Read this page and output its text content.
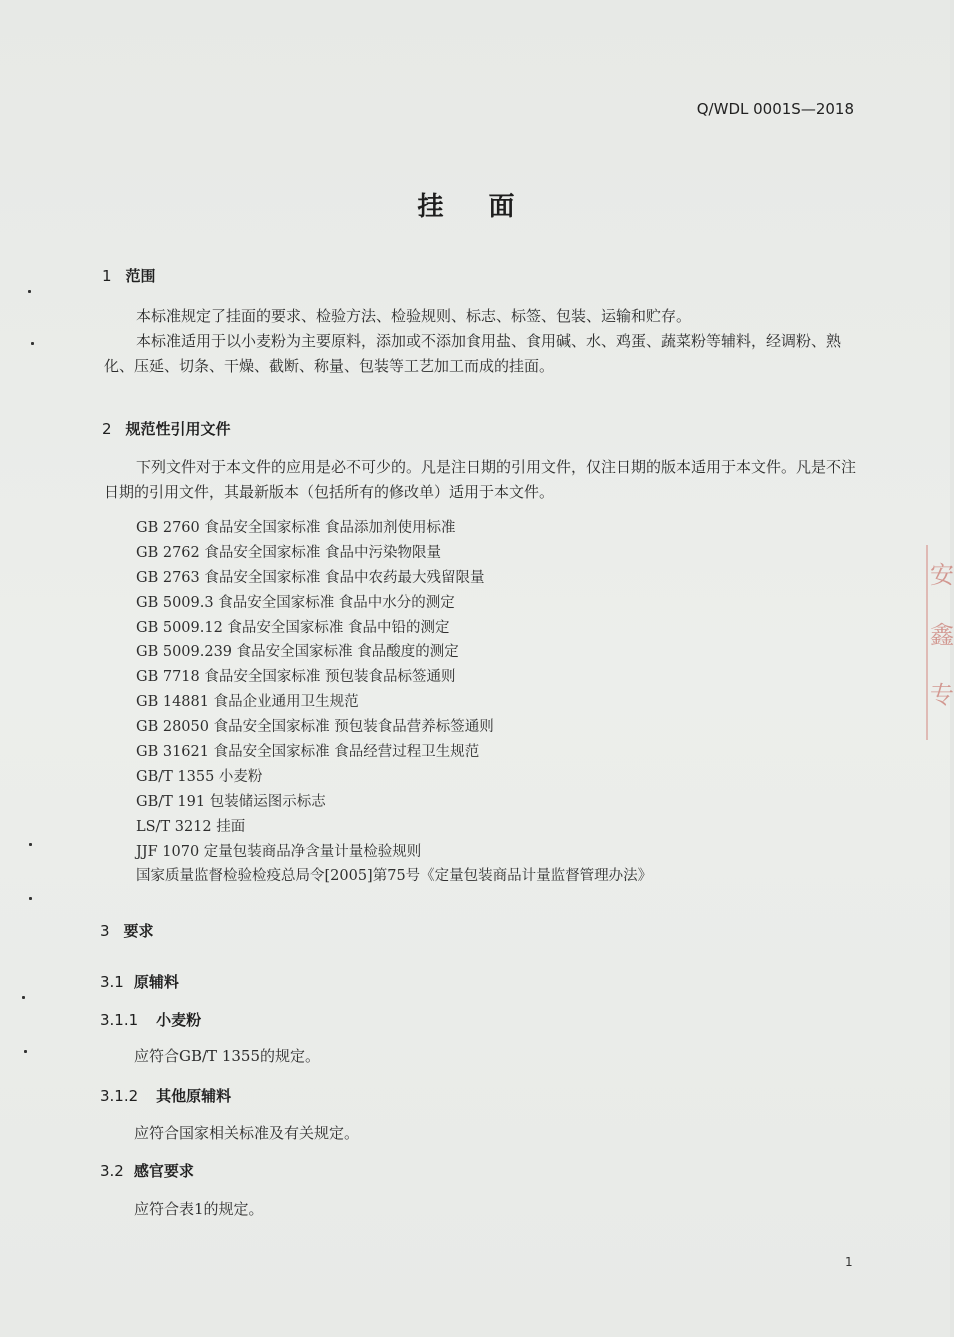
Q/WDL 0001S—2018
挂 面
1 范围

本标准规定了挂面的要求、检验方法、检验规则、标志、标签、包装、运输和贮存。

本标准适用于以小麦粉为主要原料，添加或不添加食用盐、食用碱、水、鸡蛋、蔬菜粉等辅料，经调粉、熟化、压延、切条、干燥、截断、称量、包装等工艺加工而成的挂面。

2 规范性引用文件

下列文件对于本文件的应用是必不可少的。凡是注日期的引用文件，仅注日期的版本适用于本文件。凡是不注日期的引用文件，其最新版本（包括所有的修改单）适用于本文件。

GB 2760 食品安全国家标准 食品添加剂使用标准
GB 2762 食品安全国家标准 食品中污染物限量
GB 2763 食品安全国家标准 食品中农药最大残留限量
GB 5009.3 食品安全国家标准 食品中水分的测定
GB 5009.12 食品安全国家标准 食品中铅的测定
GB 5009.239 食品安全国家标准 食品酸度的测定
GB 7718 食品安全国家标准 预包装食品标签通则
GB 14881 食品企业通用卫生规范
GB 28050 食品安全国家标准 预包装食品营养标签通则
GB 31621 食品安全国家标准 食品经营过程卫生规范
GB/T 1355 小麦粉
GB/T 191 包装储运图示标志
LS/T 3212 挂面
JJF 1070 定量包装商品净含量计量检验规则
国家质量监督检验检疫总局令[2005]第75号《定量包装商品计量监督管理办法》
3 要求
3.1 原辅料
3.1.1 小麦粉
应符合GB/T 1355的规定。
3.1.2 其他原辅料
应符合国家相关标准及有关规定。
3.2 感官要求
应符合表1的规定。
1
安 鑫 专
